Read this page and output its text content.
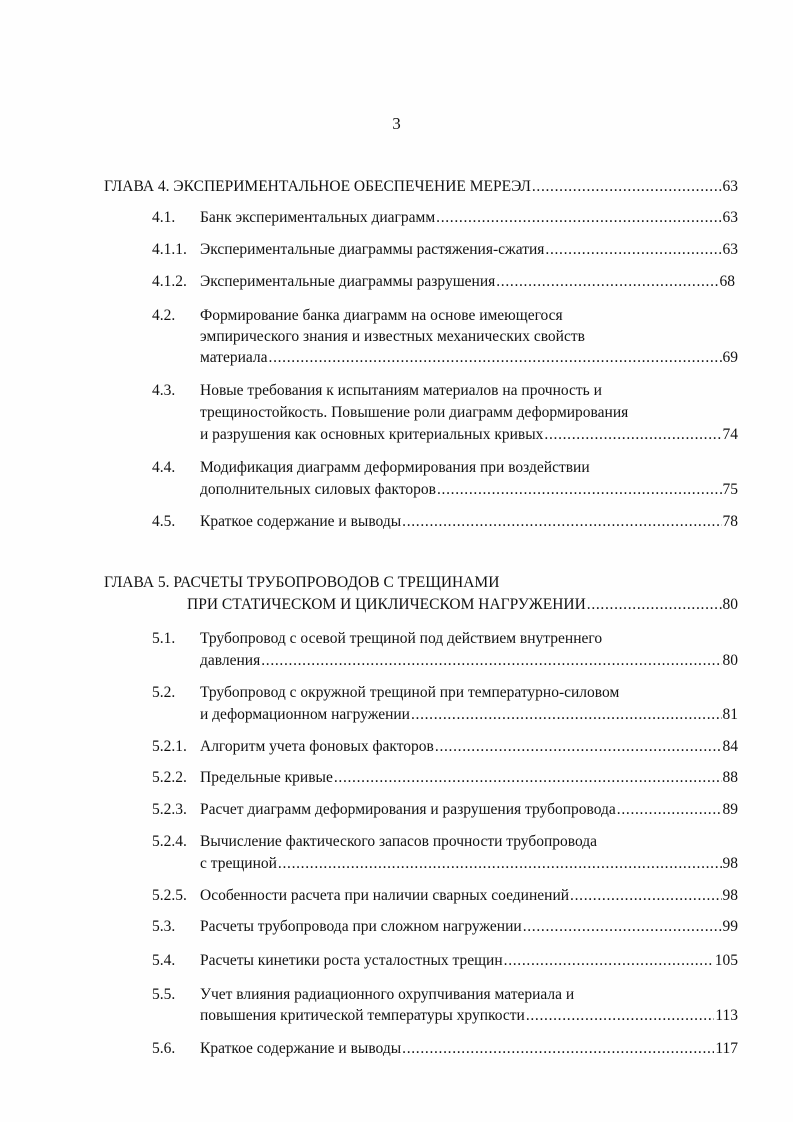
3
ГЛАВА 4. ЭКСПЕРИМЕНТАЛЬНОЕ ОБЕСПЕЧЕНИЕ МЕРЕЭЛ . . .	63
4.1.	Банк экспериментальных диаграмм . . .	63
4.1.1. Экспериментальные диаграммы растяжения-сжатия . . .	63
4.1.2. Экспериментальные диаграммы разрушения . . .	68
4.2. Формирование банка диаграмм на основе имеющегося
эмпирического знания и известных механических свойств
материала . . .	69
4.3. Новые требования к испытаниям материалов на прочность и
трещиностойкость. Повышение роли диаграмм деформирования
и разрушения как основных критериальных кривых . . .	74
4.4. Модификация диаграмм деформирования при воздействии
дополнительных силовых факторов . . .	75
4.5.	Краткое содержание и выводы . . .	78
ГЛАВА 5. РАСЧЕТЫ ТРУБОПРОВОДОВ С ТРЕЩИНАМИ
ПРИ СТАТИЧЕСКОМ И ЦИКЛИЧЕСКОМ НАГРУЖЕНИИ . . .	80
5.1. Трубопровод с осевой трещиной под действием внутреннего
давления . . .	80
5.2. Трубопровод с окружной трещиной при температурно-силовом
и деформационном нагружении . . .	81
5.2.1. Алгоритм учета фоновых факторов . . .	84
5.2.2. Предельные кривые . . .	88
5.2.3. Расчет диаграмм деформирования и разрушения трубопровода . . .	89
5.2.4. Вычисление фактического запасов прочности трубопровода
с трещиной . . .	98
5.2.5. Особенности расчета при наличии сварных соединений . . .	98
5.3.	Расчеты трубопровода при сложном нагружении . . .	99
5.4.	Расчеты кинетики роста усталостных трещин . . .	105
5.5. Учет влияния радиационного охрупчивания материала и
повышения критической температуры хрупкости . . .	113
5.6.	Краткое содержание и выводы . . .	117
